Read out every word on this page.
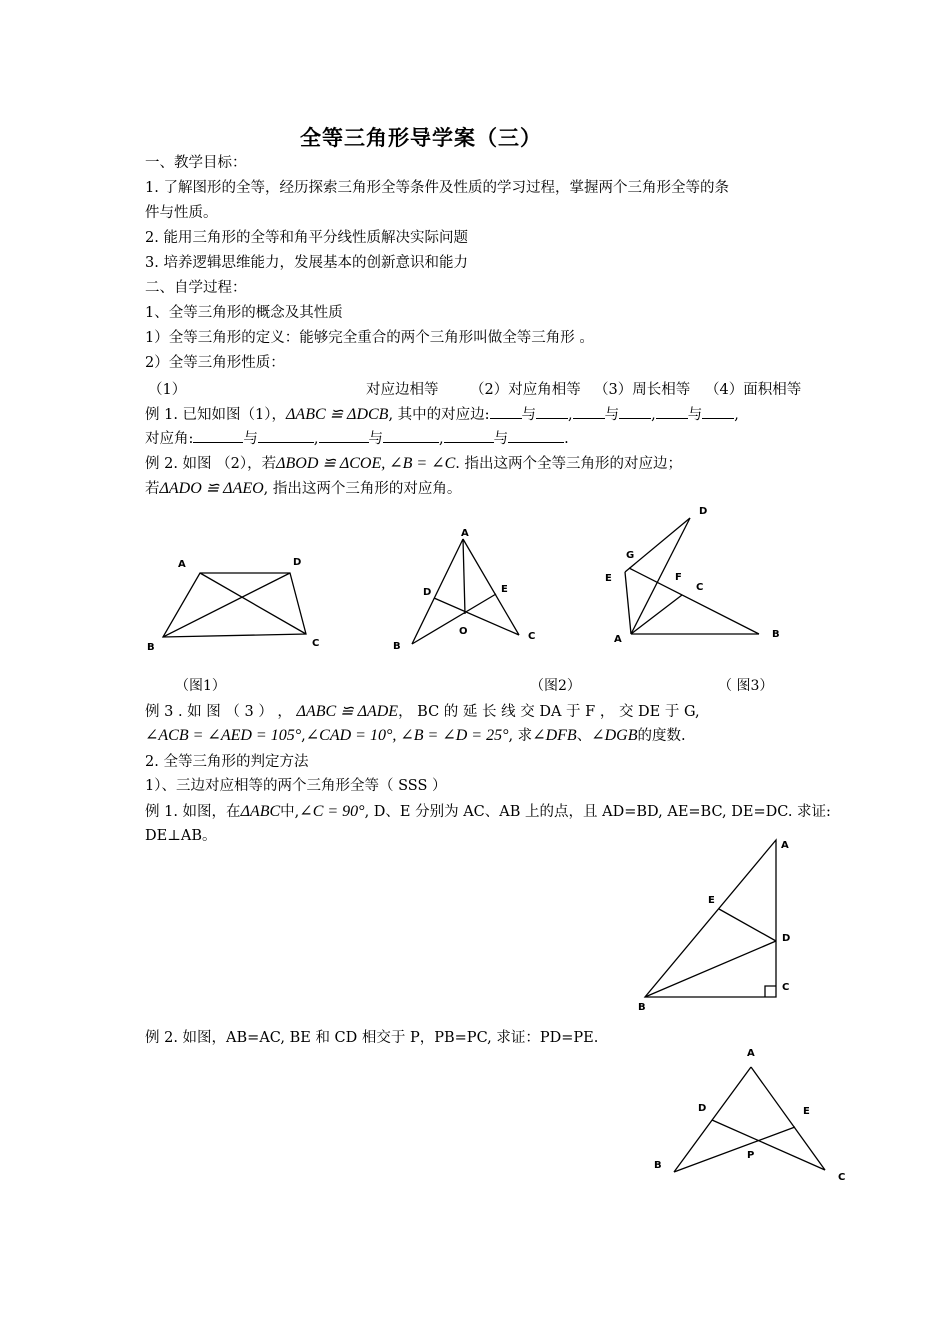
全等三角形导学案（三）
一、教学目标：
1. 了解图形的全等，经历探索三角形全等条件及性质的学习过程，掌握两个三角形全等的条
件与性质。
2. 能用三角形的全等和角平分线性质解决实际问题
3. 培养逻辑思维能力，发展基本的创新意识和能力
二、自学过程：
1、全等三角形的概念及其性质
1）全等三角形的定义：能够完全重合的两个三角形叫做全等三角形 。
2）全等三角形性质：
（1）	对应边相等 （2）对应角相等 （3）周长相等 （4）面积相等
例 1. 已知如图（1），ΔABC ≌ ΔDCB, 其中的对应边: 与 , 与 , 与 ,
对应角:	与	,	与	,	与	.
例 2. 如图 （2），若ΔBOD ≌ ΔCOE, ∠B = ∠C. 指出这两个全等三角形的对应边；
若ΔADO ≌ ΔAEO, 指出这两个三角形的对应角。
A	D
B	C
A
D	E
O
B
C
D
G
E	F
C
A	B
（图1）	（图2）	（ 图3）
例 3 . 如 图 （ 3 ） ， ΔABC ≌ ΔADE， BC 的 延 长 线 交 DA 于 F ， 交 DE 于 G,
∠ACB = ∠AED = 105°,∠CAD = 10°, ∠B = ∠D = 25°, 求∠DFB、∠DGB的度数.
2. 全等三角形的判定方法
1）、三边对应相等的两个三角形全等（ SSS ）
例 1. 如图，在ΔABC中,∠C = 90°, D、E 分别为 AC、AB 上的点，且 AD=BD, AE=BC, DE=DC. 求证:
DE⊥AB。
A
E
D
C
B
例 2. 如图，AB=AC, BE 和 CD 相交于 P，PB=PC, 求证：PD=PE.
A
D	E
P
B
C
